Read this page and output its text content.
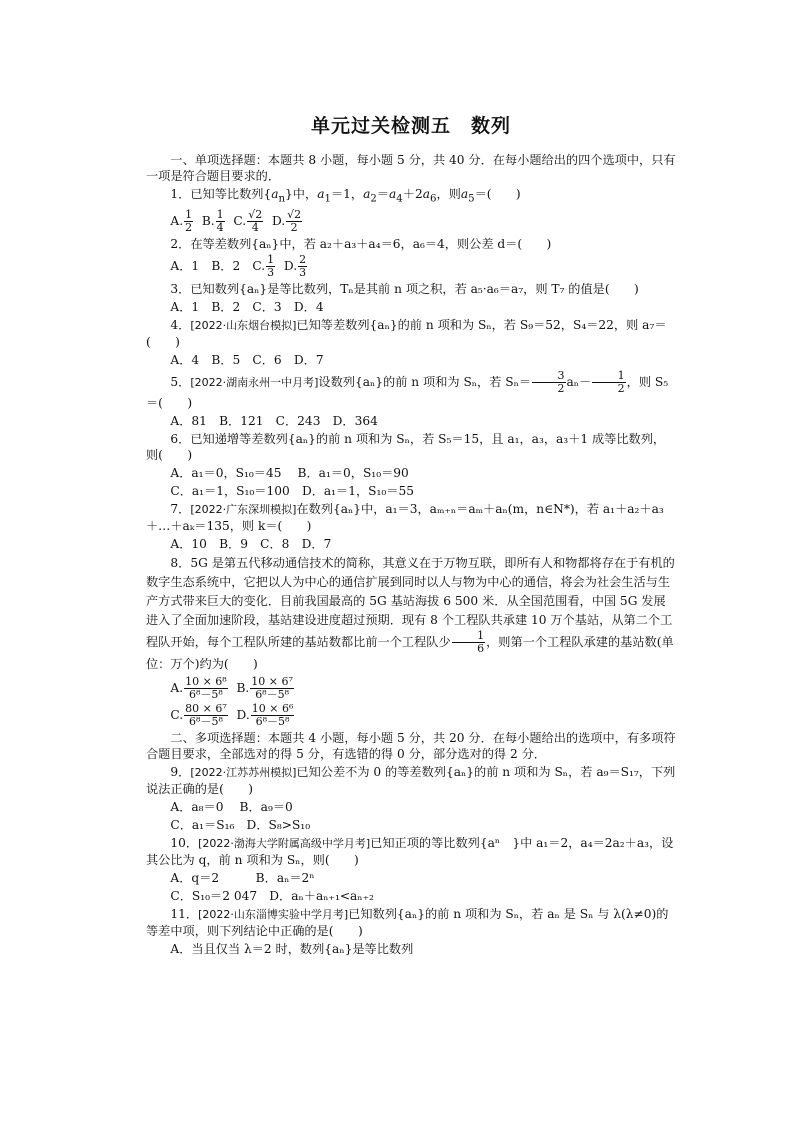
单元过关检测五　数列

一、单项选择题：本题共 8 小题，每小题 5 分，共 40 分．在每小题给出的四个选项中，只有一项是符合题目要求的．

1．已知等比数列$\{a_n\}$中，$a_1=1$，$a_2=a_4+2a_6$，则$a_5=$(　　)

A. $\frac{1}{2} B$. $\frac{1}{4} C$. $\frac{√2}{4} D$. $\frac{√2}{2}$

2．在等差数列{aₙ}中，若 a₂＋a₃＋a₄＝6，a₆＝4，则公差 d＝(　　)

A．1　B．2　C. $\frac{1}{3} D$. $\frac{2}{3}$

3．已知数列{aₙ}是等比数列，Tₙ是其前 n 项之积，若 a₅·a₆＝a₇，则 T₇ 的值是(　　)

A．1　B．2　C．3　D．4

4．[2022·山东烟台模拟]已知等差数列{aₙ}的前 n 项和为 Sₙ，若 S₉＝52，S₄＝22，则 a₇＝(　　)

A．4　B．5　C．6　D．7

5．[2022·湖南永州一中月考]设数列{aₙ}的前 n 项和为 Sₙ，若 $S_n= \frac{3}{2} a_n- \frac{1}{2}$ ，则 S₅＝(　　)

A．81　B．121　C．243　D．364

6．已知递增等差数列{aₙ}的前 n 项和为 Sₙ，若 S₅＝15，且 a₁，a₃，a₃＋1 成等比数列，则(　　)

A．a₁＝0，S₁₀＝45　 B．a₁＝0，S₁₀＝90

C．a₁＝1，S₁₀＝100　D．a₁＝1，S₁₀＝55

7．[2022·广东深圳模拟]在数列{aₙ}中，a₁＝3，aₘ₊ₙ＝aₘ＋aₙ(m，n∈N*)，若 a₁＋a₂＋a₃＋…＋aₖ＝135，则 k＝(　　)

A．10　B．9　C．8　D．7

8．5G 是第五代移动通信技术的简称，其意义在于万物互联，即所有人和物都将存在于有机的数字生态系统中，它把以人为中心的通信扩展到同时以人与物为中心的通信，将会为社会生活与生产方式带来巨大的变化．目前我国最高的 5G 基站海拔 6 500 米．从全国范围看，中国 5G 发展进入了全面加速阶段，基站建设进度超过预期．现有 8 个工程队共承建 10 万个基站，从第二个工程队开始，每个工程队所建的基站数都比前一个工程队少 $\frac{1}{6}$ ，则第一个工程队承建的基站数(单位：万个)约为(　　)

A. $\frac{\text{10 × 6⁸}}{\text{6⁸－5⁸}} B$. $\frac{\text{10 × 6⁷}}{\text{6⁸－5⁸}}$

C. $\frac{\text{80 × 6⁷}}{\text{6⁸－5⁸}} D$. $\frac{\text{10 × 6⁶}}{\text{6⁸－5⁸}}$

二、多项选择题：本题共 4 小题，每小题 5 分，共 20 分．在每小题给出的选项中，有多项符合题目要求，全部选对的得 5 分，有选错的得 0 分，部分选对的得 2 分．

9．[2022·江苏苏州模拟]已知公差不为 0 的等差数列{aₙ}的前 n 项和为 Sₙ，若 a₉＝S₁₇，下列说法正确的是(　　)

A．a₈＝0　 B．a₉＝0

C．a₁＝S₁₆　D．S₈>S₁₀

10．[2022·渤海大学附属高级中学月考]已知正项的等比数列{aⁿ　}中 a₁＝2，a₄＝2a₂＋a₃，设其公比为 q，前 n 项和为 Sₙ，则(　　)

A．q＝2　　　B．aₙ＝2ⁿ

C．S₁₀＝2 047　D．aₙ＋aₙ₊₁<aₙ₊₂

11．[2022·山东淄博实验中学月考]已知数列{aₙ}的前 n 项和为 Sₙ，若 aₙ 是 Sₙ 与 λ(λ≠0)的等差中项，则下列结论中正确的是(　　)

A．当且仅当 λ＝2 时，数列{aₙ}是等比数列
